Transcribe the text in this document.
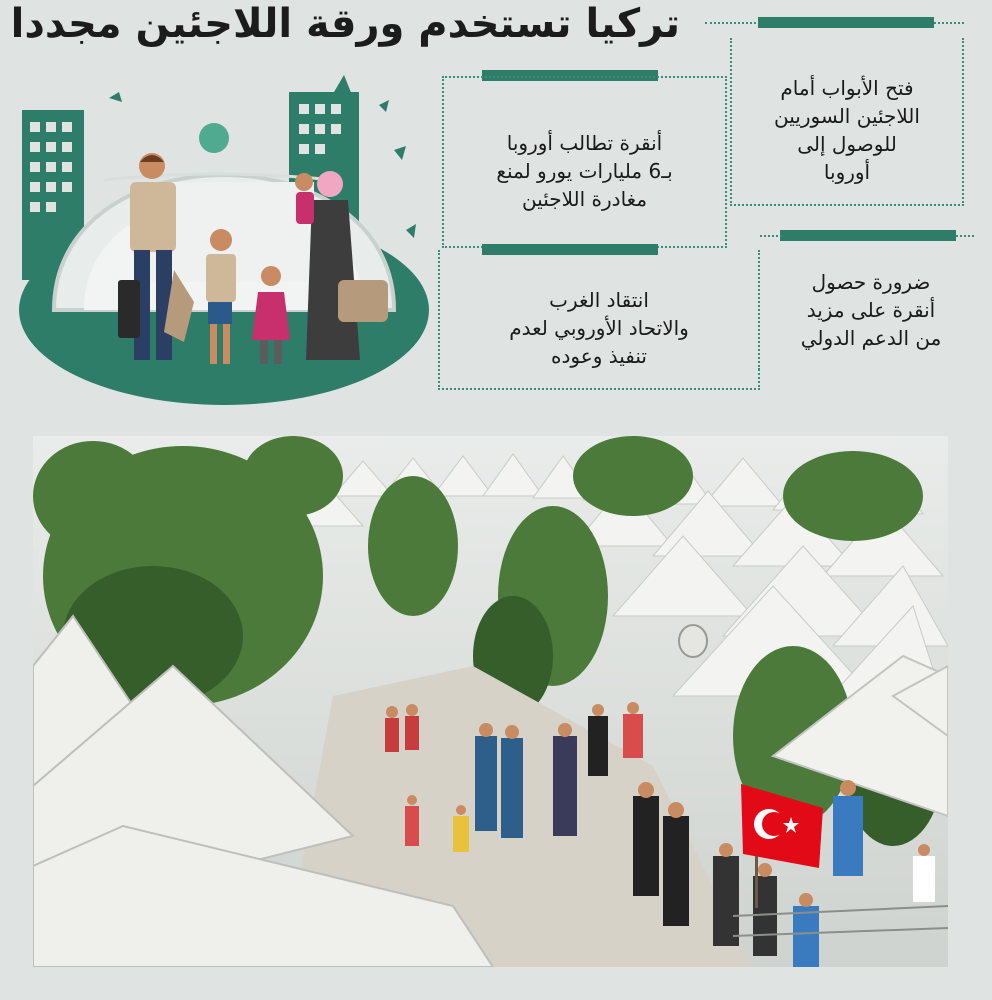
تركيا تستخدم ورقة اللاجئين مجددا
فتح الأبواب أمام
اللاجئين السوريين
للوصول إلى
أوروبا
أنقرة تطالب أوروبا
بـ6 مليارات يورو لمنع
مغادرة اللاجئين
انتقاد الغرب
والاتحاد الأوروبي لعدم
تنفيذ وعوده
ضرورة حصول
أنقرة على مزيد
من الدعم الدولي
